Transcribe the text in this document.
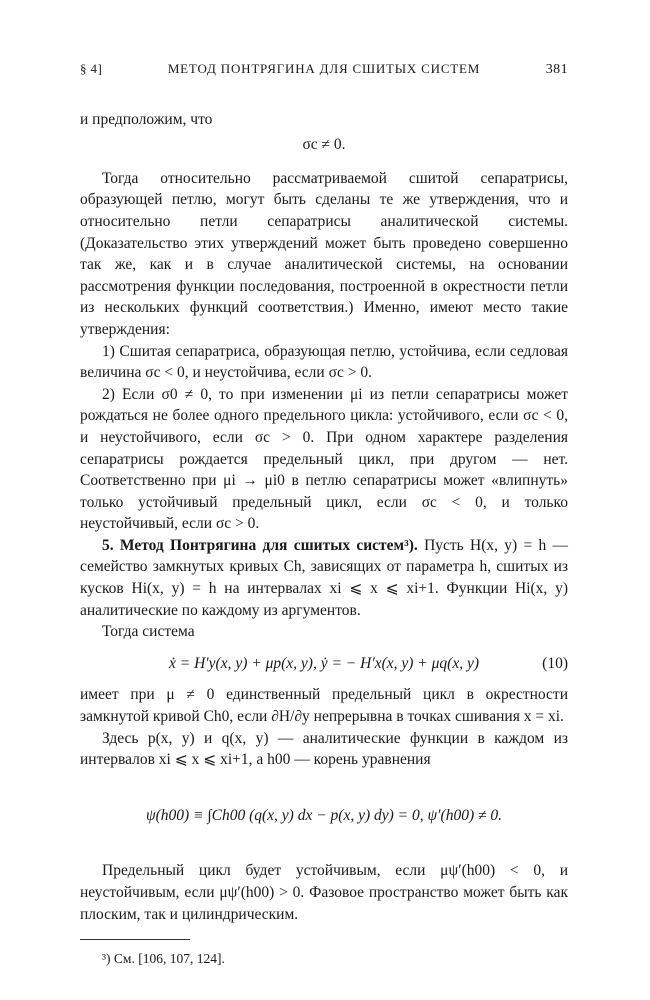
§ 4]	МЕТОД ПОНТРЯГИНА ДЛЯ СШИТЫХ СИСТЕМ	381

и предположим, что

σc ≠ 0.

Тогда относительно рассматриваемой сшитой сепаратрисы, образующей петлю, могут быть сделаны те же утверждения, что и относительно петли сепаратрисы аналитической системы. (Доказательство этих утверждений может быть проведено совершенно так же, как и в случае аналитической системы, на основании рассмотрения функции последования, построенной в окрестности петли из нескольких функций соответствия.) Именно, имеют место такие утверждения:

1) Сшитая сепаратриса, образующая петлю, устойчива, если седловая величина σc < 0, и неустойчива, если σc > 0.

2) Если σ0 ≠ 0, то при изменении μi из петли сепаратрисы может рождаться не более одного предельного цикла: устойчивого, если σc < 0, и неустойчивого, если σc > 0. При одном характере разделения сепаратрисы рождается предельный цикл, при другом — нет. Соответственно при μi → μi0 в петлю сепаратрисы может «влипнуть» только устойчивый предельный цикл, если σc < 0, и только неустойчивый, если σc > 0.

5. Метод Понтрягина для сшитых систем³). Пусть H(x, y) = h — семейство замкнутых кривых Ch, зависящих от параметра h, сшитых из кусков Hi(x, y) = h на интервалах xi ⩽ x ⩽ xi+1. Функции Hi(x, y) аналитические по каждому из аргументов.

Тогда система

ẋ = H′y(x, y) + μp(x, y), ẏ = − H′x(x, y) + μq(x, y)	(10)

имеет при μ ≠ 0 единственный предельный цикл в окрестности замкнутой кривой Ch0, если ∂H/∂y непрерывна в точках сшивания x = xi.

Здесь p(x, y) и q(x, y) — аналитические функции в каждом из интервалов xi ⩽ x ⩽ xi+1, а h00 — корень уравнения

ψ(h00) ≡ ∫Ch00 (q(x, y) dx − p(x, y) dy) = 0, ψ′(h00) ≠ 0.

Предельный цикл будет устойчивым, если μψ′(h00) < 0, и неустойчивым, если μψ′(h00) > 0. Фазовое пространство может быть как плоским, так и цилиндрическим.

³) См. [106, 107, 124].
